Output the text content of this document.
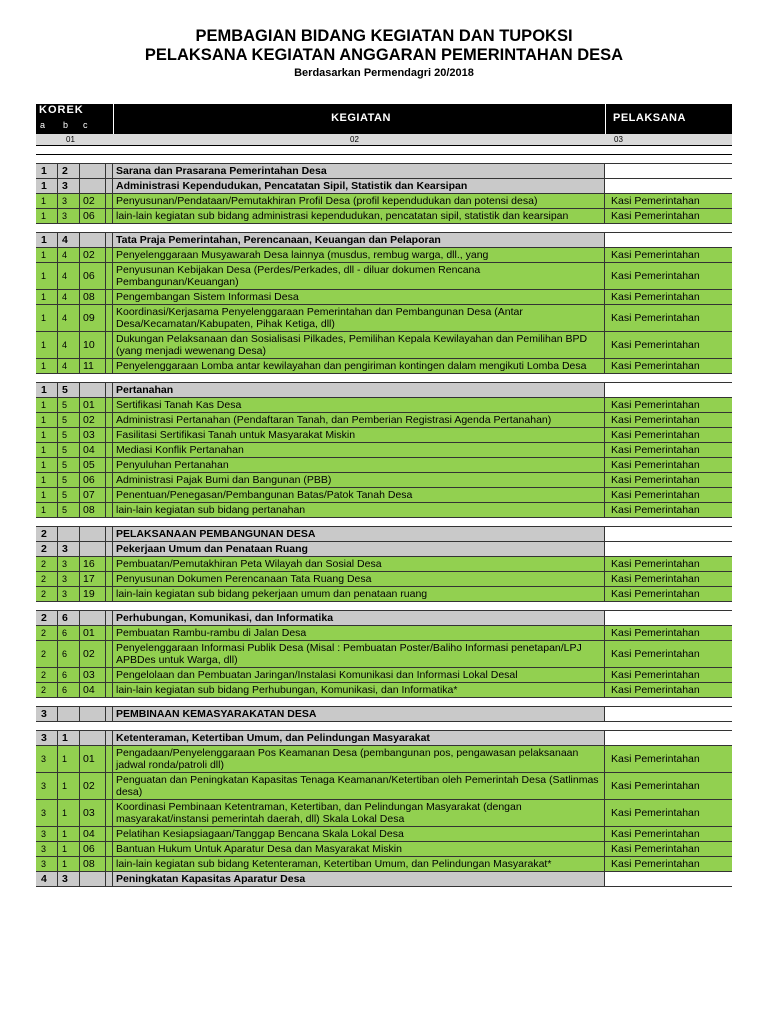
PEMBAGIAN BIDANG KEGIATAN DAN TUPOKSI
PELAKSANA KEGIATAN ANGGARAN PEMERINTAHAN DESA
Berdasarkan Permendagri 20/2018
KOREK
a b c
KEGIATAN	PELAKSANA
01	02	03
1	2	Sarana dan Prasarana Pemerintahan Desa
1	3	Administrasi Kependudukan, Pencatatan Sipil, Statistik dan Kearsipan
1	3	02	Penyusunan/Pendataan/Pemutakhiran Profil Desa (profil kependudukan dan potensi desa)	Kasi Pemerintahan
1	3	06	lain-lain kegiatan sub bidang administrasi kependudukan, pencatatan sipil, statistik dan kearsipan	Kasi Pemerintahan
1	4	Tata Praja Pemerintahan, Perencanaan, Keuangan dan Pelaporan
1	4	02	Penyelenggaraan Musyawarah Desa lainnya (musdus, rembug warga, dll., yang	Kasi Pemerintahan
1	4	06	Penyusunan Kebijakan Desa (Perdes/Perkades, dll - diluar dokumen Rencana Pembangunan/Keuangan)	Kasi Pemerintahan
1	4	08	Pengembangan Sistem Informasi Desa	Kasi Pemerintahan
1	4	09	Koordinasi/Kerjasama Penyelenggaraan Pemerintahan dan Pembangunan Desa (Antar Desa/Kecamatan/Kabupaten, Pihak Ketiga, dll)	Kasi Pemerintahan
1	4	10	Dukungan Pelaksanaan dan Sosialisasi Pilkades, Pemilihan Kepala Kewilayahan dan Pemilihan BPD (yang menjadi wewenang Desa)	Kasi Pemerintahan
1	4	11	Penyelenggaraan Lomba antar kewilayahan dan pengiriman kontingen dalam mengikuti Lomba Desa	Kasi Pemerintahan
1	5	Pertanahan
1	5	01	Sertifikasi Tanah Kas Desa	Kasi Pemerintahan
1	5	02	Administrasi Pertanahan (Pendaftaran Tanah, dan Pemberian Registrasi Agenda Pertanahan)	Kasi Pemerintahan
1	5	03	Fasilitasi Sertifikasi Tanah untuk Masyarakat Miskin	Kasi Pemerintahan
1	5	04	Mediasi Konflik Pertanahan	Kasi Pemerintahan
1	5	05	Penyuluhan Pertanahan	Kasi Pemerintahan
1	5	06	Administrasi Pajak Bumi dan Bangunan (PBB)	Kasi Pemerintahan
1	5	07	Penentuan/Penegasan/Pembangunan Batas/Patok Tanah Desa	Kasi Pemerintahan
1	5	08	lain-lain kegiatan sub bidang pertanahan	Kasi Pemerintahan
2	PELAKSANAAN PEMBANGUNAN DESA
2	3	Pekerjaan Umum dan Penataan Ruang
2	3	16	Pembuatan/Pemutakhiran Peta Wilayah dan Sosial Desa	Kasi Pemerintahan
2	3	17	Penyusunan Dokumen Perencanaan Tata Ruang Desa	Kasi Pemerintahan
2	3	19	lain-lain kegiatan sub bidang pekerjaan umum dan penataan ruang	Kasi Pemerintahan
2	6	Perhubungan, Komunikasi, dan Informatika
2	6	01	Pembuatan Rambu-rambu di Jalan Desa	Kasi Pemerintahan
2	6	02	Penyelenggaraan Informasi Publik Desa (Misal : Pembuatan Poster/Baliho Informasi penetapan/LPJ APBDes untuk Warga, dll)	Kasi Pemerintahan
2	6	03	Pengelolaan dan Pembuatan Jaringan/Instalasi Komunikasi dan Informasi Lokal Desal	Kasi Pemerintahan
2	6	04	lain-lain kegiatan sub bidang Perhubungan, Komunikasi, dan Informatika*	Kasi Pemerintahan
3	PEMBINAAN KEMASYARAKATAN DESA
3	1	Ketenteraman, Ketertiban Umum, dan Pelindungan Masyarakat
3	1	01	Pengadaan/Penyelenggaraan Pos Keamanan Desa (pembangunan pos, pengawasan pelaksanaan jadwal ronda/patroli dll)	Kasi Pemerintahan
3	1	02	Penguatan dan Peningkatan Kapasitas Tenaga Keamanan/Ketertiban oleh Pemerintah Desa (Satlinmas desa)	Kasi Pemerintahan
3	1	03	Koordinasi Pembinaan Ketentraman, Ketertiban, dan Pelindungan Masyarakat (dengan masyarakat/instansi pemerintah daerah, dll) Skala Lokal Desa	Kasi Pemerintahan
3	1	04	Pelatihan Kesiapsiagaan/Tanggap Bencana Skala Lokal Desa	Kasi Pemerintahan
3	1	06	Bantuan Hukum Untuk Aparatur Desa dan Masyarakat Miskin	Kasi Pemerintahan
3	1	08	lain-lain kegiatan sub bidang Ketenteraman, Ketertiban Umum, dan Pelindungan Masyarakat*	Kasi Pemerintahan
4	3	Peningkatan Kapasitas Aparatur Desa
